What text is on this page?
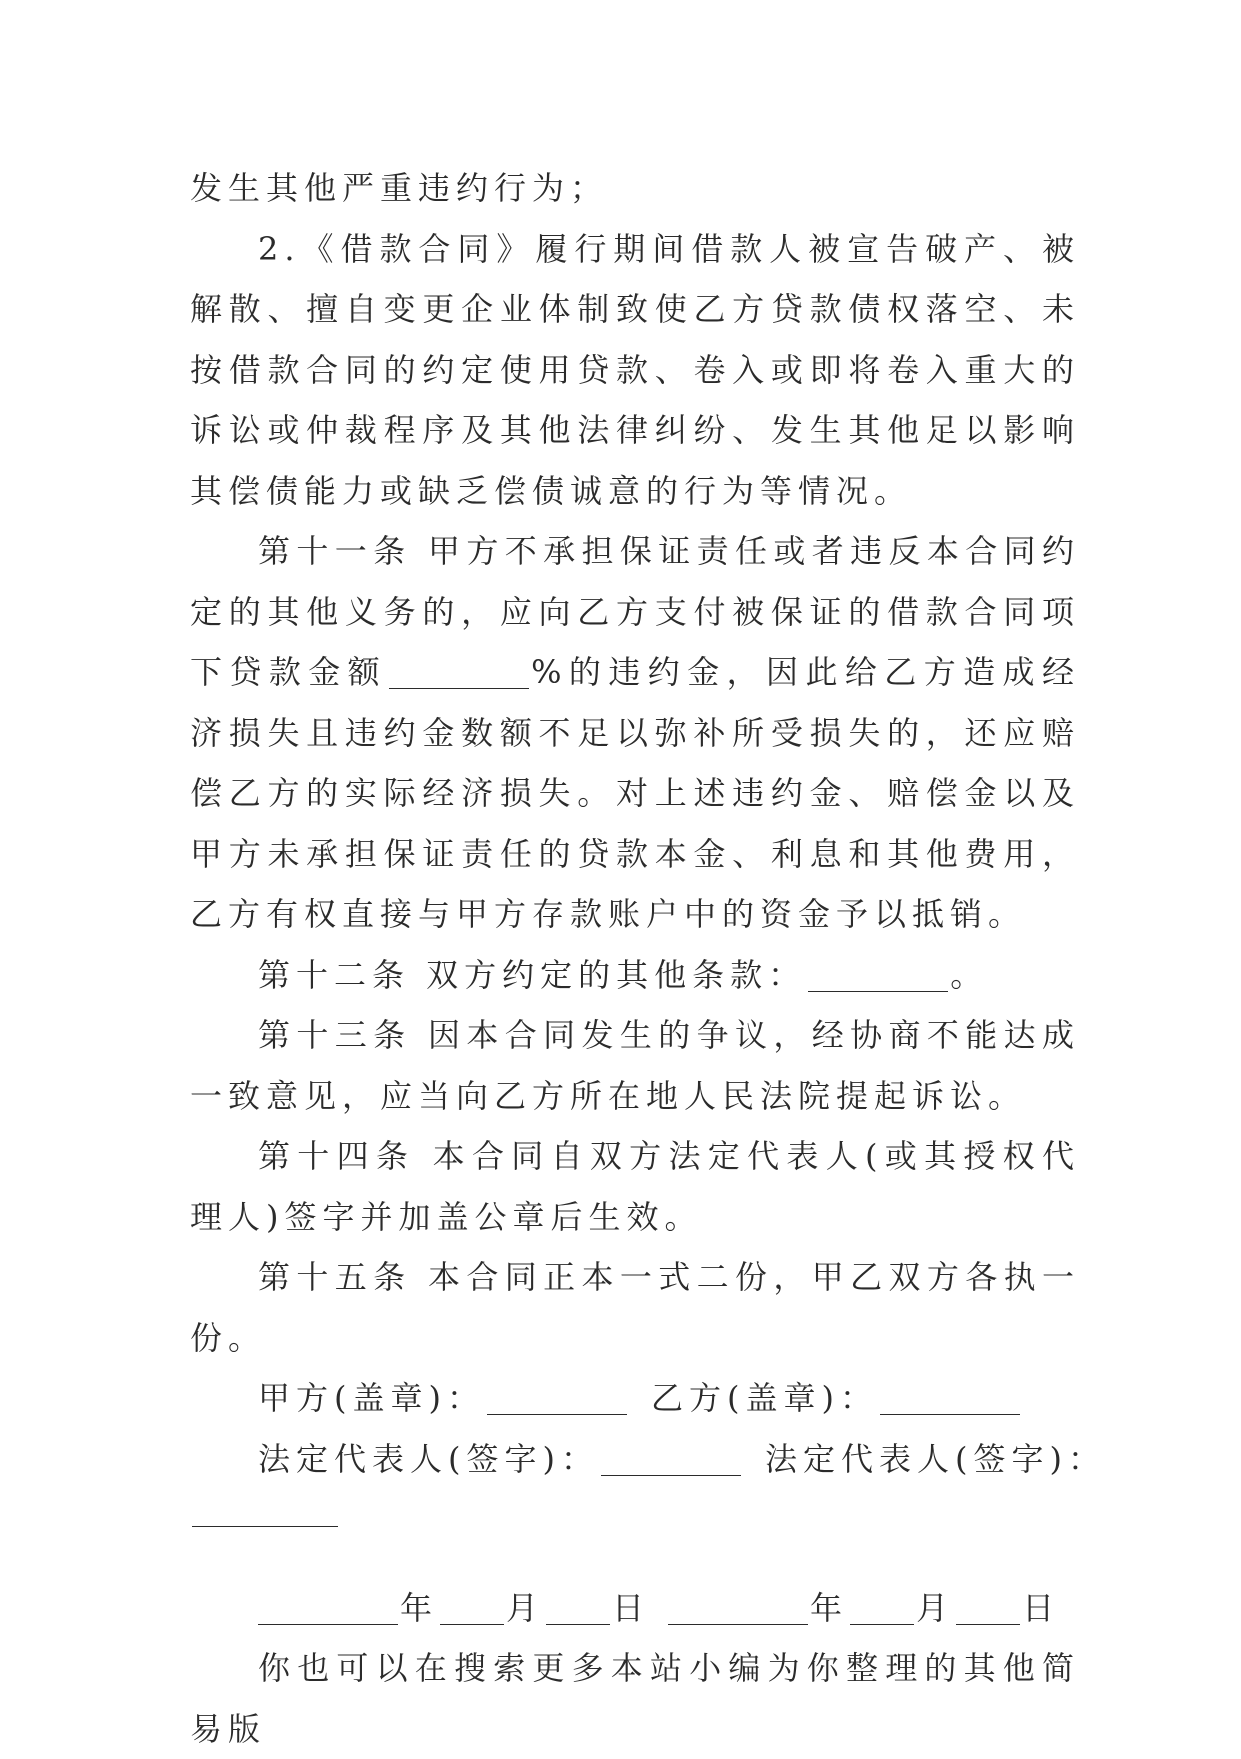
发生其他严重违约行为；

2.《借款合同》履行期间借款人被宣告破产、被解散、擅自变更企业体制致使乙方贷款债权落空、未按借款合同的约定使用贷款、卷入或即将卷入重大的诉讼或仲裁程序及其他法律纠纷、发生其他足以影响其偿债能力或缺乏偿债诚意的行为等情况。

第十一条 甲方不承担保证责任或者违反本合同约定的其他义务的，应向乙方支付被保证的借款合同项下贷款金额	%的违约金，因此给乙方造成经济损失且违约金数额不足以弥补所受损失的，还应赔偿乙方的实际经济损失。对上述违约金、赔偿金以及甲方未承担保证责任的贷款本金、利息和其他费用，乙方有权直接与甲方存款账户中的资金予以抵销。

第十二条 双方约定的其他条款：	。

第十三条 因本合同发生的争议，经协商不能达成一致意见，应当向乙方所在地人民法院提起诉讼。

第十四条 本合同自双方法定代表人(或其授权代理人)签字并加盖公章后生效。

第十五条 本合同正本一式二份，甲乙双方各执一份。

甲方(盖章)：	乙方(盖章)：
法定代表人(签字)：	法定代表人(签字)：
年 月 日	年 月 日

你也可以在搜索更多本站小编为你整理的其他简易版
